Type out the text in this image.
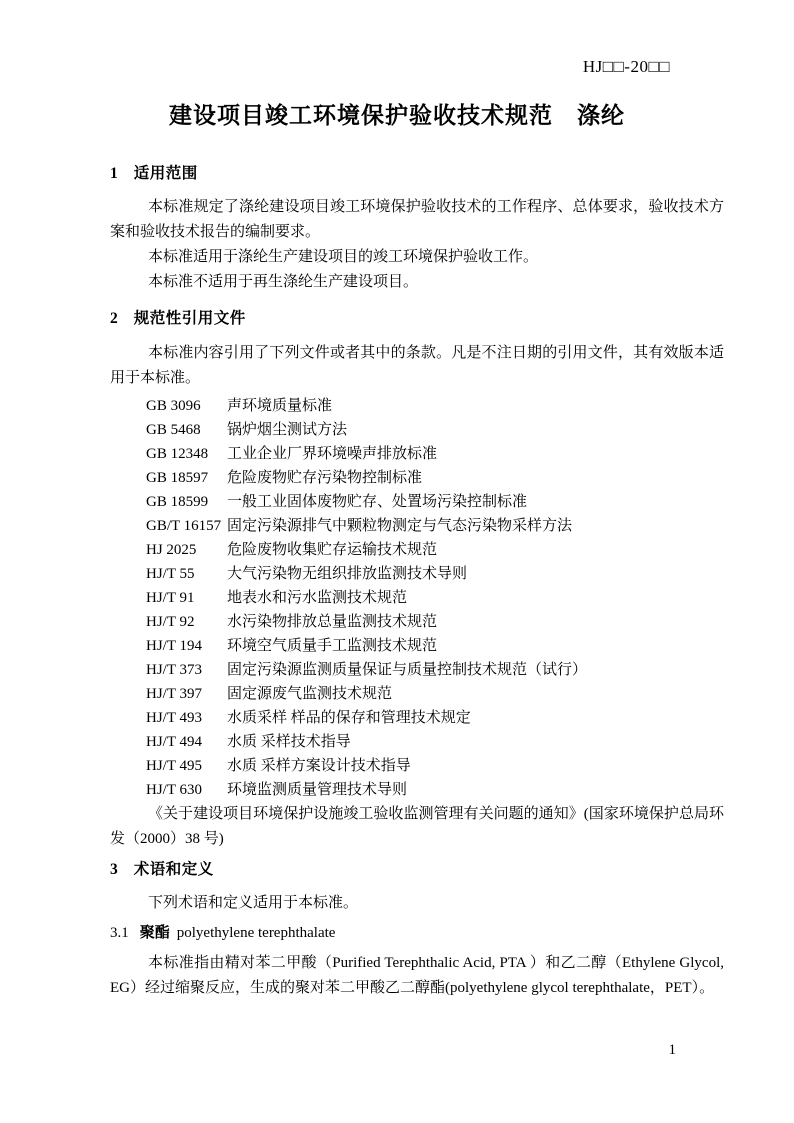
HJ□□-20□□
建设项目竣工环境保护验收技术规范　涤纶
1 适用范围

本标准规定了涤纶建设项目竣工环境保护验收技术的工作程序、总体要求，验收技术方案和验收技术报告的编制要求。

本标准适用于涤纶生产建设项目的竣工环境保护验收工作。

本标准不适用于再生涤纶生产建设项目。

2 规范性引用文件

本标准内容引用了下列文件或者其中的条款。凡是不注日期的引用文件，其有效版本适用于本标准。

GB 3096	声环境质量标准
GB 5468	锅炉烟尘测试方法
GB 12348	工业企业厂界环境噪声排放标准
GB 18597	危险废物贮存污染物控制标准
GB 18599	一般工业固体废物贮存、处置场污染控制标准
GB/T 16157 固定污染源排气中颗粒物测定与气态污染物采样方法
HJ 2025	危险废物收集贮存运输技术规范
HJ/T 55	大气污染物无组织排放监测技术导则
HJ/T 91	地表水和污水监测技术规范
HJ/T 92	水污染物排放总量监测技术规范
HJ/T 194	环境空气质量手工监测技术规范
HJ/T 373	固定污染源监测质量保证与质量控制技术规范（试行）
HJ/T 397	固定源废气监测技术规范
HJ/T 493	水质采样 样品的保存和管理技术规定
HJ/T 494	水质 采样技术指导
HJ/T 495	水质 采样方案设计技术指导
HJ/T 630	环境监测质量管理技术导则

《关于建设项目环境保护设施竣工验收监测管理有关问题的通知》(国家环境保护总局环发（2000）38 号)

3 术语和定义

下列术语和定义适用于本标准。

3.1 聚酯 polyethylene terephthalate

本标准指由精对苯二甲酸（Purified Terephthalic Acid, PTA ）和乙二醇（Ethylene Glycol, EG）经过缩聚反应，生成的聚对苯二甲酸乙二醇酯(polyethylene glycol terephthalate，PET）。

1
